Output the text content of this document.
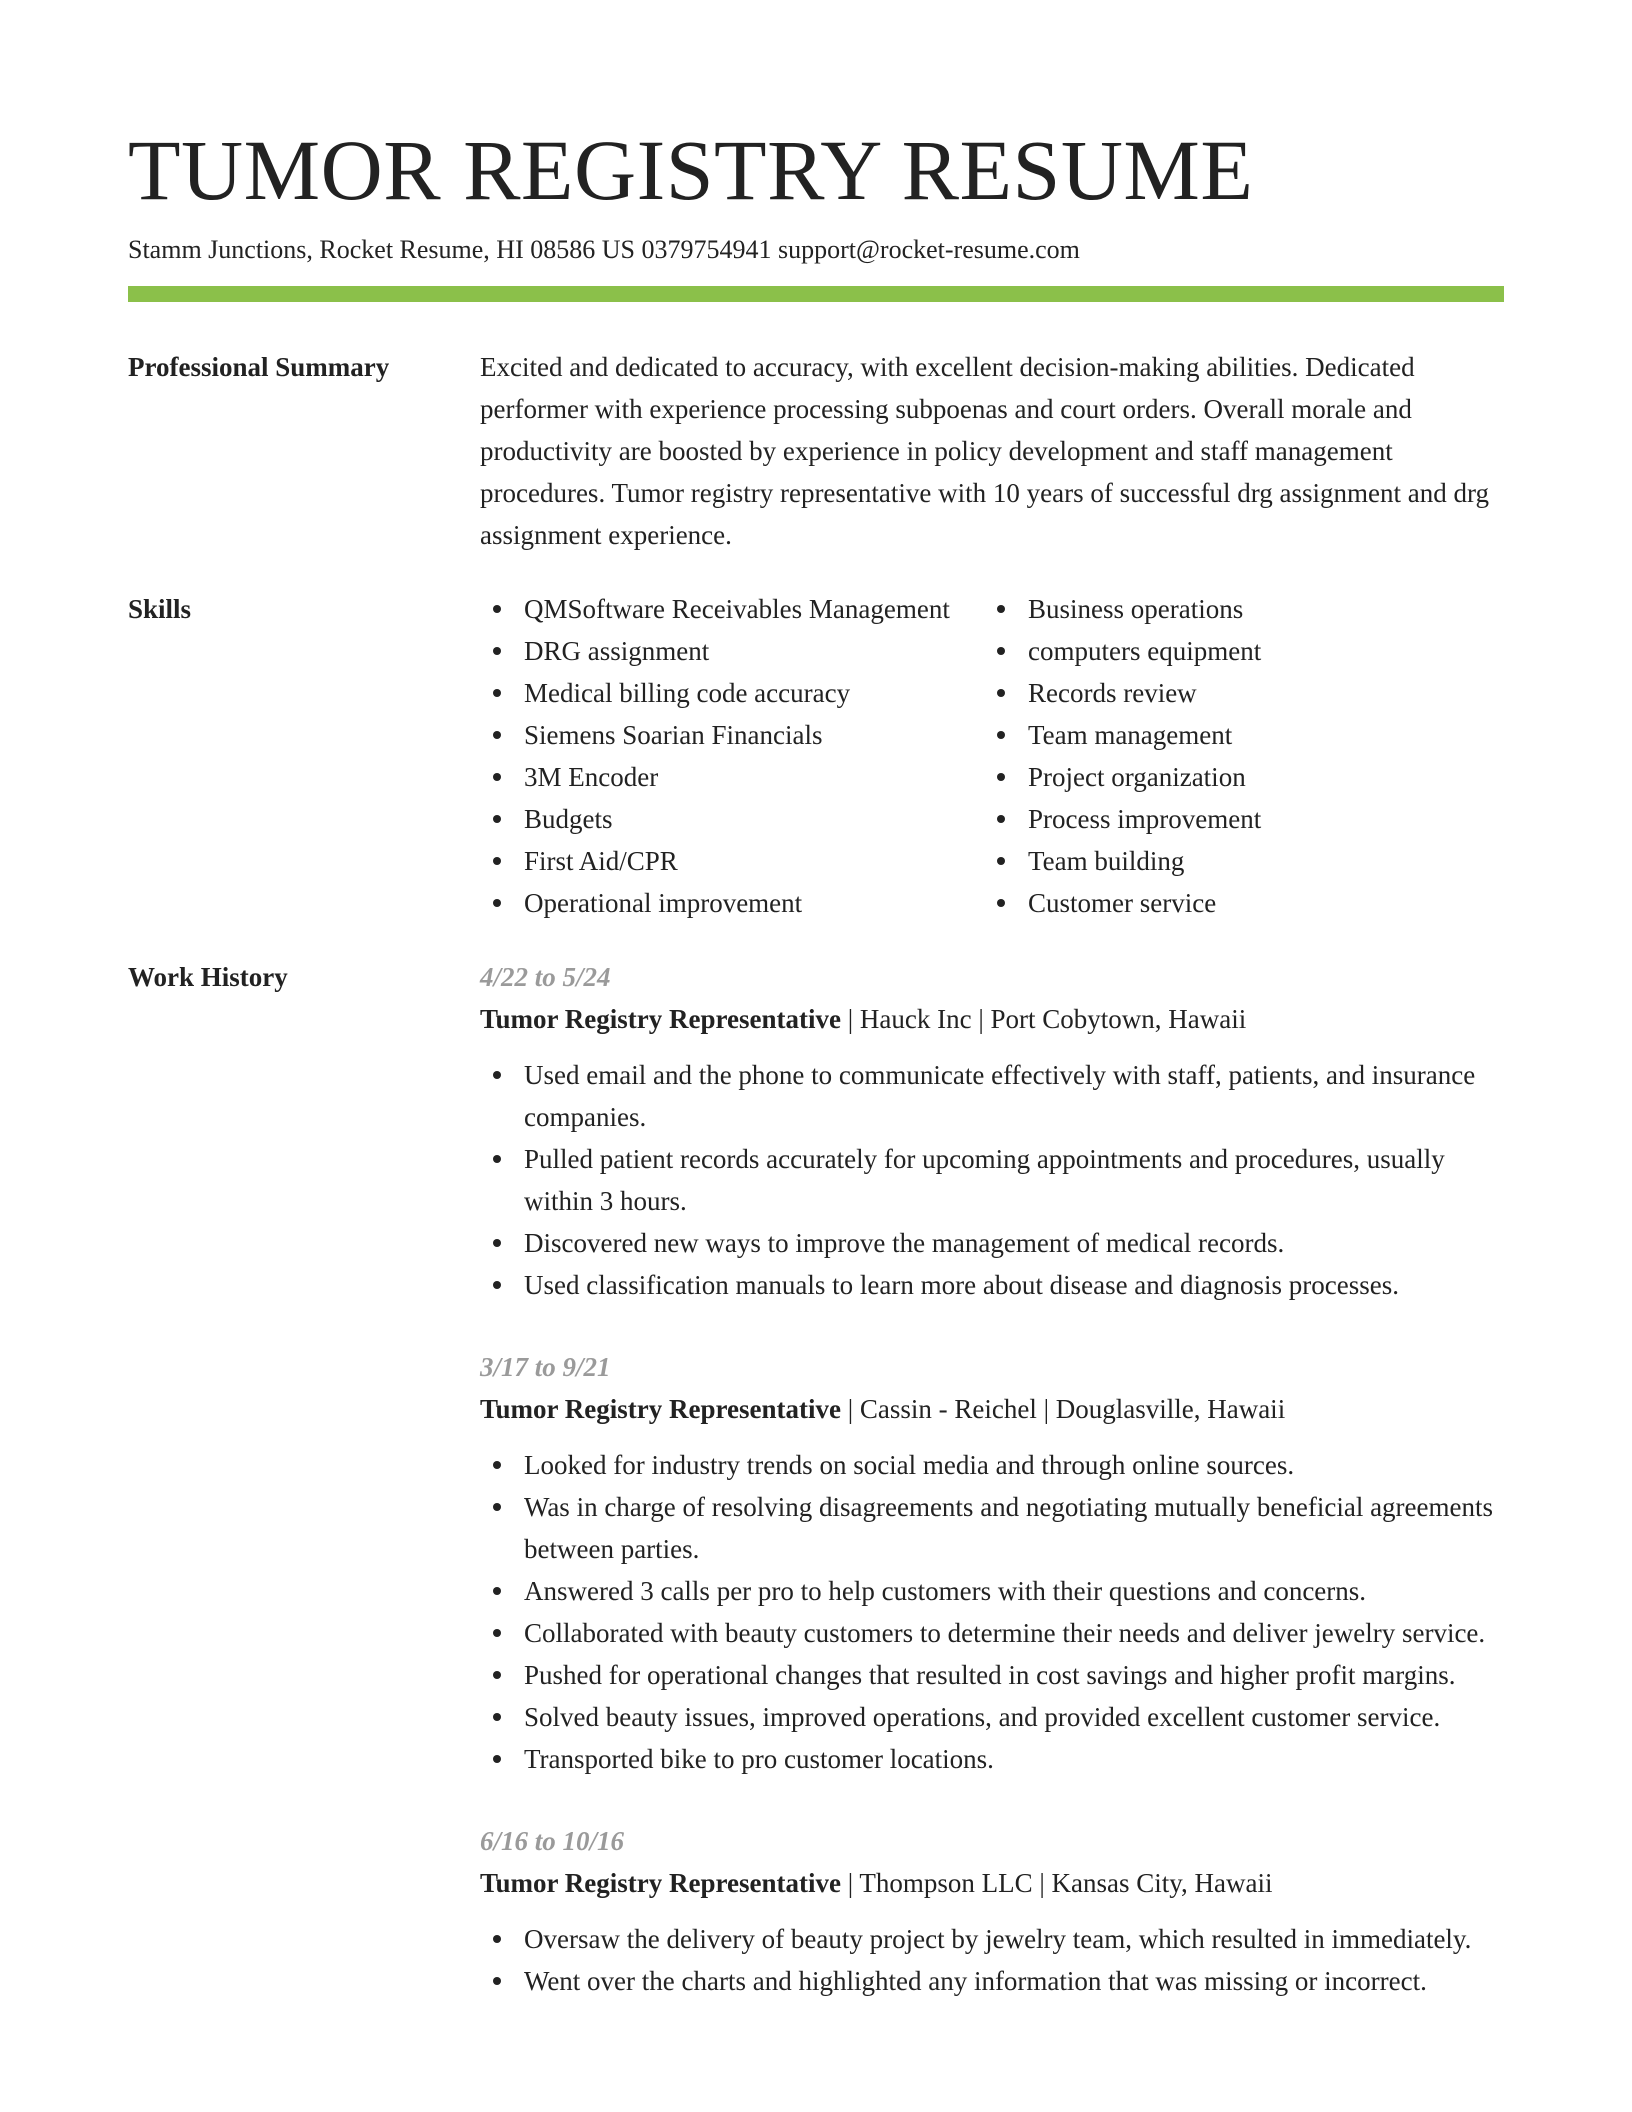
TUMOR REGISTRY RESUME
Stamm Junctions, Rocket Resume, HI 08586 US 0379754941 support@rocket-resume.com
Professional Summary	Excited and dedicated to accuracy, with excellent decision-making abilities. Dedicated performer with experience processing subpoenas and court orders. Overall morale and productivity are boosted by experience in policy development and staff management procedures. Tumor registry representative with 10 years of successful drg assignment and drg assignment experience.
Skills	QMSoftware Receivables Management
DRG assignment
Medical billing code accuracy
Siemens Soarian Financials
3M Encoder
Budgets
First Aid/CPR
Operational improvement
Business operations
computers equipment
Records review
Team management
Project organization
Process improvement
Team building
Customer service
Work History	4/22 to 5/24
Tumor Registry Representative | Hauck Inc | Port Cobytown, Hawaii
Used email and the phone to communicate effectively with staff, patients, and insurance companies.
Pulled patient records accurately for upcoming appointments and procedures, usually within 3 hours.
Discovered new ways to improve the management of medical records.
Used classification manuals to learn more about disease and diagnosis processes.
3/17 to 9/21
Tumor Registry Representative | Cassin - Reichel | Douglasville, Hawaii
Looked for industry trends on social media and through online sources.
Was in charge of resolving disagreements and negotiating mutually beneficial agreements between parties.
Answered 3 calls per pro to help customers with their questions and concerns.
Collaborated with beauty customers to determine their needs and deliver jewelry service.
Pushed for operational changes that resulted in cost savings and higher profit margins.
Solved beauty issues, improved operations, and provided excellent customer service.
Transported bike to pro customer locations.
6/16 to 10/16
Tumor Registry Representative | Thompson LLC | Kansas City, Hawaii
Oversaw the delivery of beauty project by jewelry team, which resulted in immediately.
Went over the charts and highlighted any information that was missing or incorrect.
